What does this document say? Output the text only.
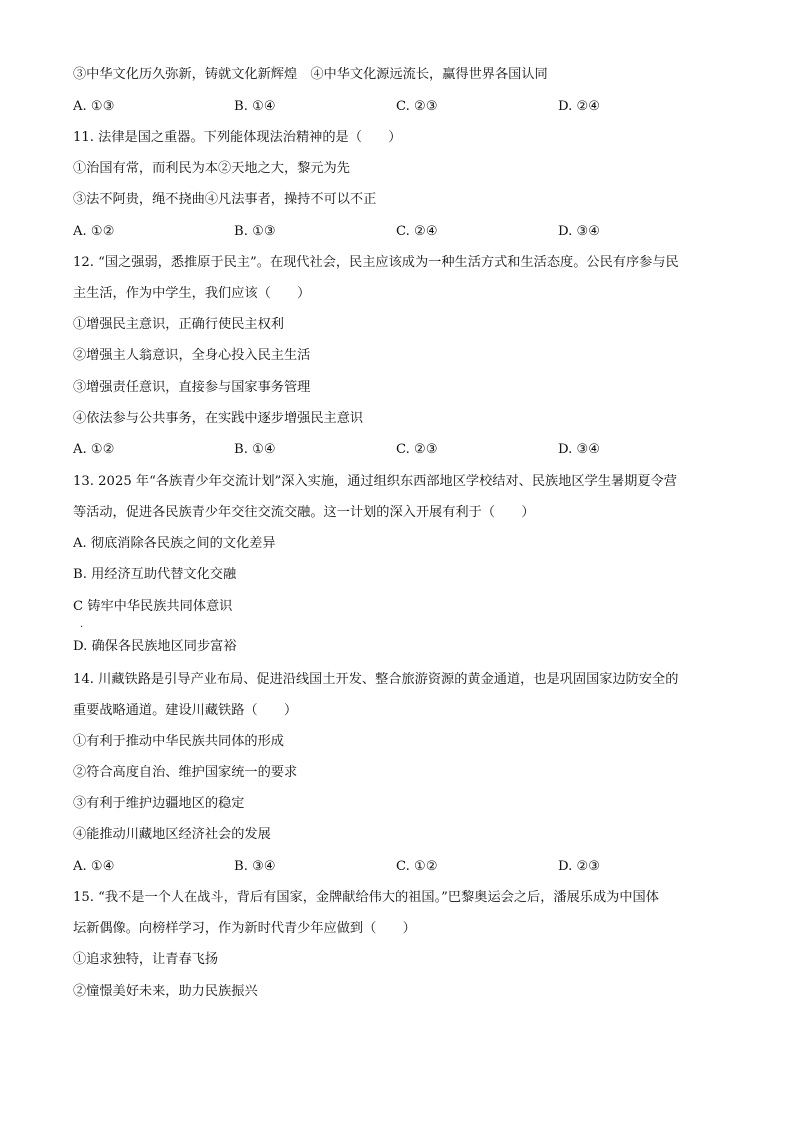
③中华文化历久弥新，铸就文化新辉煌　④中华文化源远流长，赢得世界各国认同
A. ①③	B. ①④	C. ②③	D. ②④
11. 法律是国之重器。下列能体现法治精神的是（　　）
①治国有常，而利民为本②天地之大，黎元为先
③法不阿贵，绳不挠曲④凡法事者，操持不可以不正
A. ①②	B. ①③	C. ②④	D. ③④
12. “国之强弱，悉推原于民主”。在现代社会，民主应该成为一种生活方式和生活态度。公民有序参与民
主生活，作为中学生，我们应该（　　）
①增强民主意识，正确行使民主权利
②增强主人翁意识，全身心投入民主生活
③增强责任意识，直接参与国家事务管理
④依法参与公共事务，在实践中逐步增强民主意识
A. ①②	B. ①④	C. ②③	D. ③④
13. 2025 年“各族青少年交流计划”深入实施，通过组织东西部地区学校结对、民族地区学生暑期夏令营
等活动，促进各民族青少年交往交流交融。这一计划的深入开展有利于（　　）
A. 彻底消除各民族之间的文化差异
B. 用经济互助代替文化交融
C 铸牢中华民族共同体意识
.
D. 确保各民族地区同步富裕
14. 川藏铁路是引导产业布局、促进沿线国土开发、整合旅游资源的黄金通道，也是巩固国家边防安全的
重要战略通道。建设川藏铁路（　　）
①有利于推动中华民族共同体的形成
②符合高度自治、维护国家统一的要求
③有利于维护边疆地区的稳定
④能推动川藏地区经济社会的发展
A. ①④	B. ③④	C. ①②	D. ②③
15. “我不是一个人在战斗，背后有国家，金牌献给伟大的祖国。”巴黎奥运会之后，潘展乐成为中国体
坛新偶像。向榜样学习，作为新时代青少年应做到（　　）
①追求独特，让青春飞扬
②憧憬美好未来，助力民族振兴
